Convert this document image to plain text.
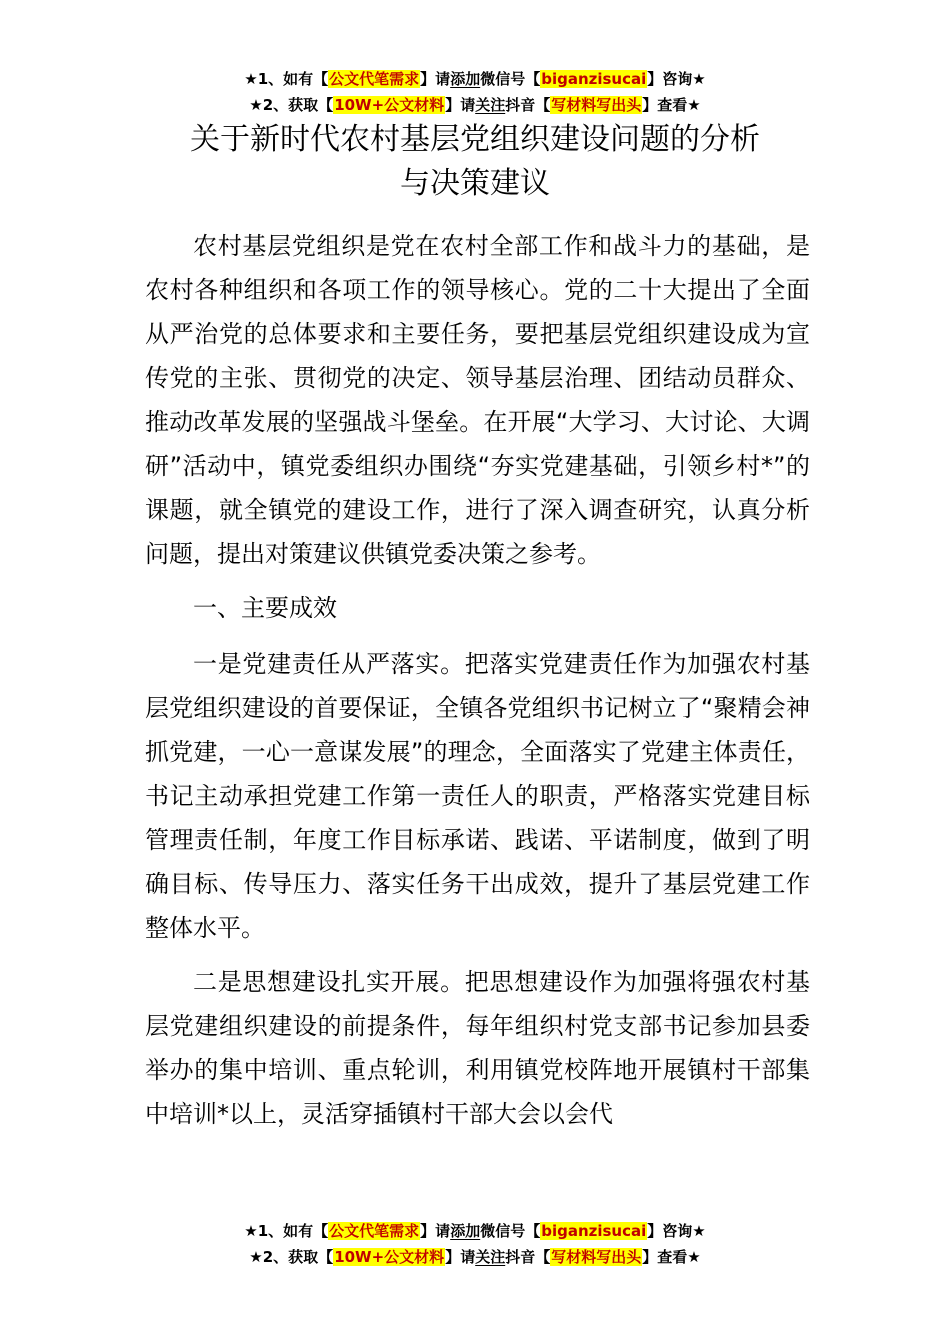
★1、如有【公文代笔需求】请添加微信号【biganzisucai】咨询★
★2、获取【10W+公文材料】请关注抖音【写材料写出头】查看★
关于新时代农村基层党组织建设问题的分析
与决策建议

农村基层党组织是党在农村全部工作和战斗力的基础，是农村各种组织和各项工作的领导核心。党的二十大提出了全面从严治党的总体要求和主要任务，要把基层党组织建设成为宣传党的主张、贯彻党的决定、领导基层治理、团结动员群众、推动改革发展的坚强战斗堡垒。在开展“大学习、大讨论、大调研”活动中，镇党委组织办围绕“夯实党建基础，引领乡村*”的课题，就全镇党的建设工作，进行了深入调查研究，认真分析问题，提出对策建议供镇党委决策之参考。

一、主要成效

一是党建责任从严落实。把落实党建责任作为加强农村基层党组织建设的首要保证，全镇各党组织书记树立了“聚精会神抓党建，一心一意谋发展”的理念，全面落实了党建主体责任，书记主动承担党建工作第一责任人的职责，严格落实党建目标管理责任制，年度工作目标承诺、践诺、平诺制度，做到了明确目标、传导压力、落实任务干出成效，提升了基层党建工作整体水平。

二是思想建设扎实开展。把思想建设作为加强将强农村基层党建组织建设的前提条件，每年组织村党支部书记参加县委举办的集中培训、重点轮训，利用镇党校阵地开展镇村干部集中培训*以上，灵活穿插镇村干部大会以会代

★1、如有【公文代笔需求】请添加微信号【biganzisucai】咨询★
★2、获取【10W+公文材料】请关注抖音【写材料写出头】查看★
